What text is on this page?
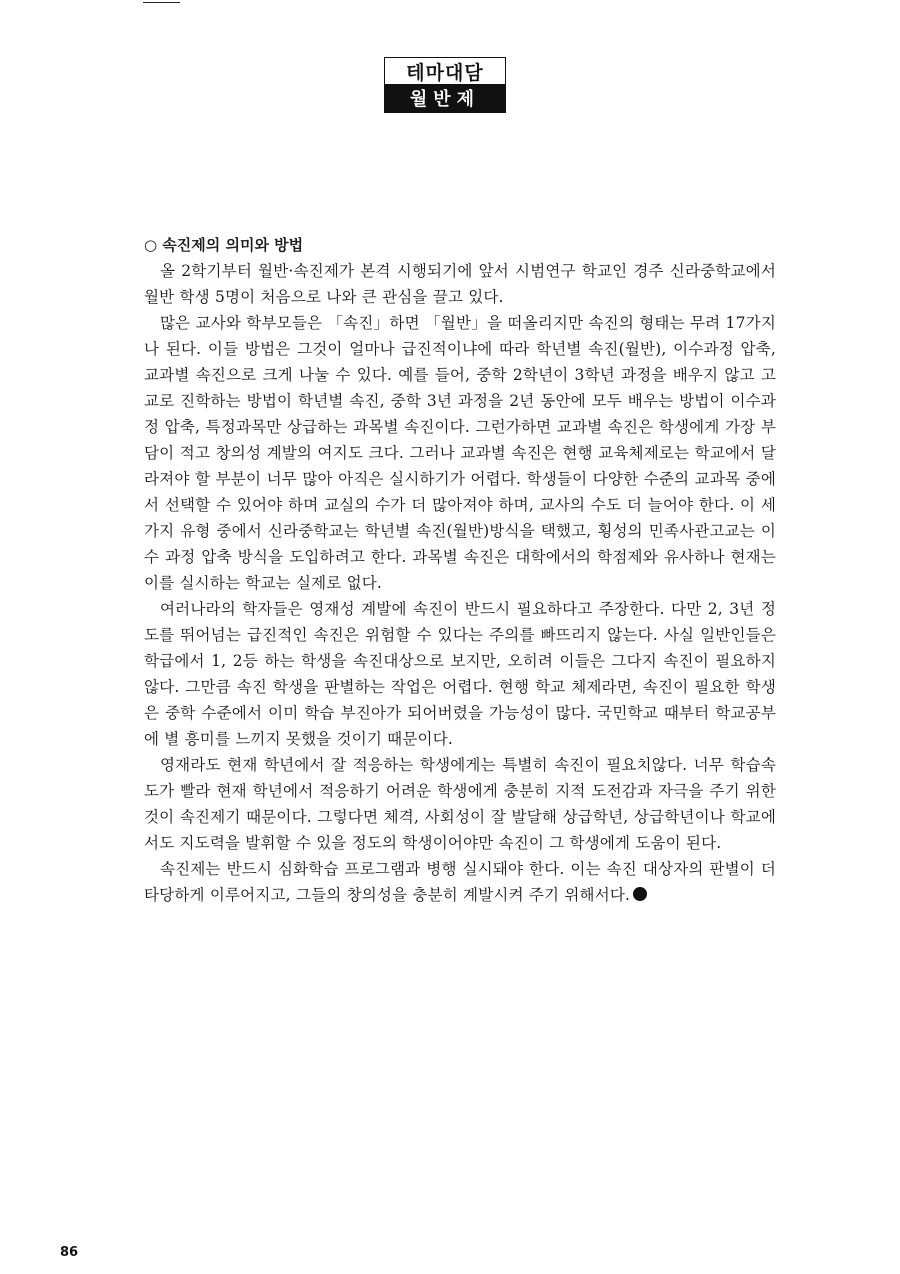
테마대담
월반제

○ 속진제의 의미와 방법

올 2학기부터 월반·속진제가 본격 시행되기에 앞서 시범연구 학교인 경주 신라중학교에서 월반 학생 5명이 처음으로 나와 큰 관심을 끌고 있다.

많은 교사와 학부모들은 「속진」하면 「월반」을 떠올리지만 속진의 형태는 무려 17가지나 된다. 이들 방법은 그것이 얼마나 급진적이냐에 따라 학년별 속진(월반), 이수과정 압축, 교과별 속진으로 크게 나눌 수 있다. 예를 들어, 중학 2학년이 3학년 과정을 배우지 않고 고교로 진학하는 방법이 학년별 속진, 중학 3년 과정을 2년 동안에 모두 배우는 방법이 이수과정 압축, 특정과목만 상급하는 과목별 속진이다. 그런가하면 교과별 속진은 학생에게 가장 부담이 적고 창의성 계발의 여지도 크다. 그러나 교과별 속진은 현행 교육체제로는 학교에서 달라져야 할 부분이 너무 많아 아직은 실시하기가 어렵다. 학생들이 다양한 수준의 교과목 중에서 선택할 수 있어야 하며 교실의 수가 더 많아져야 하며, 교사의 수도 더 늘어야 한다. 이 세 가지 유형 중에서 신라중학교는 학년별 속진(월반)방식을 택했고, 횡성의 민족사관고교는 이수 과정 압축 방식을 도입하려고 한다. 과목별 속진은 대학에서의 학점제와 유사하나 현재는 이를 실시하는 학교는 실제로 없다.

여러나라의 학자들은 영재성 계발에 속진이 반드시 필요하다고 주장한다. 다만 2, 3년 정도를 뛰어넘는 급진적인 속진은 위험할 수 있다는 주의를 빠뜨리지 않는다. 사실 일반인들은 학급에서 1, 2등 하는 학생을 속진대상으로 보지만, 오히려 이들은 그다지 속진이 필요하지 않다. 그만큼 속진 학생을 판별하는 작업은 어렵다. 현행 학교 체제라면, 속진이 필요한 학생은 중학 수준에서 이미 학습 부진아가 되어버렸을 가능성이 많다. 국민학교 때부터 학교공부에 별 흥미를 느끼지 못했을 것이기 때문이다.

영재라도 현재 학년에서 잘 적응하는 학생에게는 특별히 속진이 필요치않다. 너무 학습속도가 빨라 현재 학년에서 적응하기 어려운 학생에게 충분히 지적 도전감과 자극을 주기 위한 것이 속진제기 때문이다. 그렇다면 체격, 사회성이 잘 발달해 상급학년, 상급학년이나 학교에서도 지도력을 발휘할 수 있을 정도의 학생이어야만 속진이 그 학생에게 도움이 된다.

속진제는 반드시 심화학습 프로그램과 병행 실시돼야 한다. 이는 속진 대상자의 판별이 더 타당하게 이루어지고, 그들의 창의성을 충분히 계발시켜 주기 위해서다.

86
